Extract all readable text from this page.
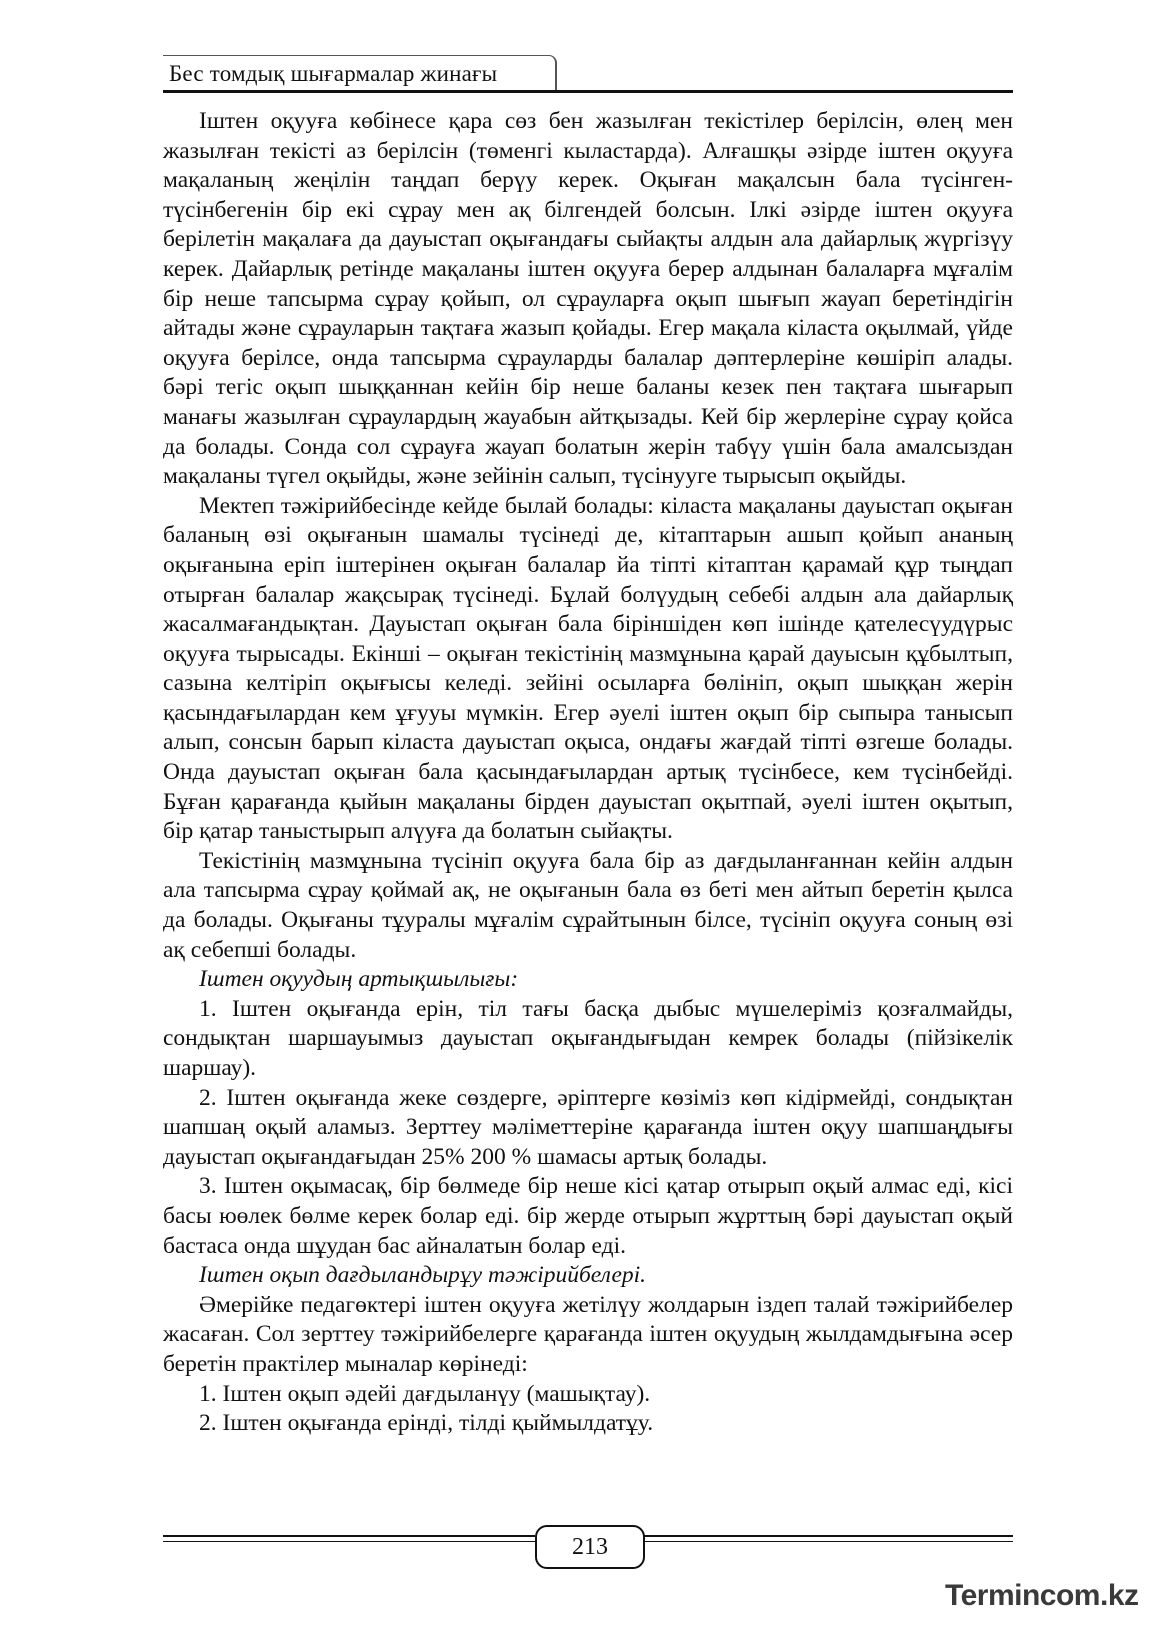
Бес томдық шығармалар жинағы

Іштен оқууға көбінесе қара сөз бен жазылған текістілер берілсін, өлең мен жазылған текісті аз берілсін (төменгі кыластарда). Алғашқы әзірде іштен оқууға мақаланың жеңілін таңдап берүу керек. Оқыған мақалсын бала түсінген-түсінбегенін бір екі сұрау мен ақ білгендей болсын. Ілкі әзірде іштен оқууға берілетін мақалаға да дауыстап оқығандағы сыйақты алдын ала дайарлық жүргізүу керек. Дайарлық ретінде мақаланы іштен оқууға берер алдынан балаларға мұғалім бір неше тапсырма сұрау қойып, ол сұрауларға оқып шығып жауап беретіндігін айтады және сұрауларын тақтаға жазып қойады. Егер мақала кіласта оқылмай, үйде оқууға берілсе, онда тапсырма сұрауларды балалар дәптерлеріне көшіріп алады. бәрі тегіс оқып шыққаннан кейін бір неше баланы кезек пен тақтаға шығарып манағы жазылған сұраулардың жауабын айтқызады. Кей бір жерлеріне сұрау қойса да болады. Сонда сол сұрауға жауап болатын жерін табүу үшін бала амалсыздан мақаланы түгел оқыйды, және зейінін салып, түсінууге тырысып оқыйды.

Мектеп тәжірийбесінде кейде былай болады: кіласта мақаланы дауыстап оқыған баланың өзі оқығанын шамалы түсінеді де, кітаптарын ашып қойып ананың оқығанына еріп іштерінен оқыған балалар йа тіпті кітаптан қарамай құр тыңдап отырған балалар жақсырақ түсінеді. Бұлай болүудың себебі алдын ала дайарлық жасалмағандықтан. Дауыстап оқыған бала біріншіден көп ішінде қателесүудүрыс оқууға тырысады. Екінші – оқыған текістінің мазмұнына қарай дауысын құбылтып, сазына келтіріп оқығысы келеді. зейіні осыларға бөлініп, оқып шыққан жерін қасындағылардан кем ұғууы мүмкін. Егер әуелі іштен оқып бір сыпыра танысып алып, сонсын барып кіласта дауыстап оқыса, ондағы жағдай тіпті өзгеше болады. Онда дауыстап оқыған бала қасындағылардан артық түсінбесе, кем түсінбейді. Бұған қарағанда қыйын мақаланы бірден дауыстап оқытпай, әуелі іштен оқытып, бір қатар таныстырып алүуға да болатын сыйақты.

Текістінің мазмұнына түсініп оқууға бала бір аз дағдыланғаннан кейін алдын ала тапсырма сұрау қоймай ақ, не оқығанын бала өз беті мен айтып беретін қылса да болады. Оқығаны тұуралы мұғалім сұрайтынын білсе, түсініп оқууға соның өзі ақ себепші болады.

Іштен оқуудың артықшылығы:

1. Іштен оқығанда ерін, тіл тағы басқа дыбыс мүшелеріміз қозғалмайды, сондықтан шаршауымыз дауыстап оқығандығыдан кемрек болады (пійзікелік шаршау).

2. Іштен оқығанда жеке сөздерге, әріптерге көзіміз көп кідірмейді, сондықтан шапшаң оқый аламыз. Зерттеу мәліметтеріне қарағанда іштен оқуу шапшаңдығы дауыстап оқығандағыдан 25% 200 % шамасы артық болады.

3. Іштен оқымасақ, бір бөлмеде бір неше кісі қатар отырып оқый алмас еді, кісі басы юөлек бөлме керек болар еді. бір жерде отырып жұрттың бәрі дауыстап оқый бастаса онда шұудан бас айналатын болар еді.

Іштен оқып дағдыландырұу тәжірийбелері.

Әмерійке педагөктері іштен оқууға жетілүу жолдарын іздеп талай тәжірийбелер жасаған. Сол зерттеу тәжірийбелерге қарағанда іштен оқуудың жылдамдығына әсер беретін практілер мыналар көрінеді:

1. Іштен оқып әдейі дағдыланүу (машықтау).

2. Іштен оқығанда ерінді, тілді қыймылдатұу.

213
Termincom.kz
